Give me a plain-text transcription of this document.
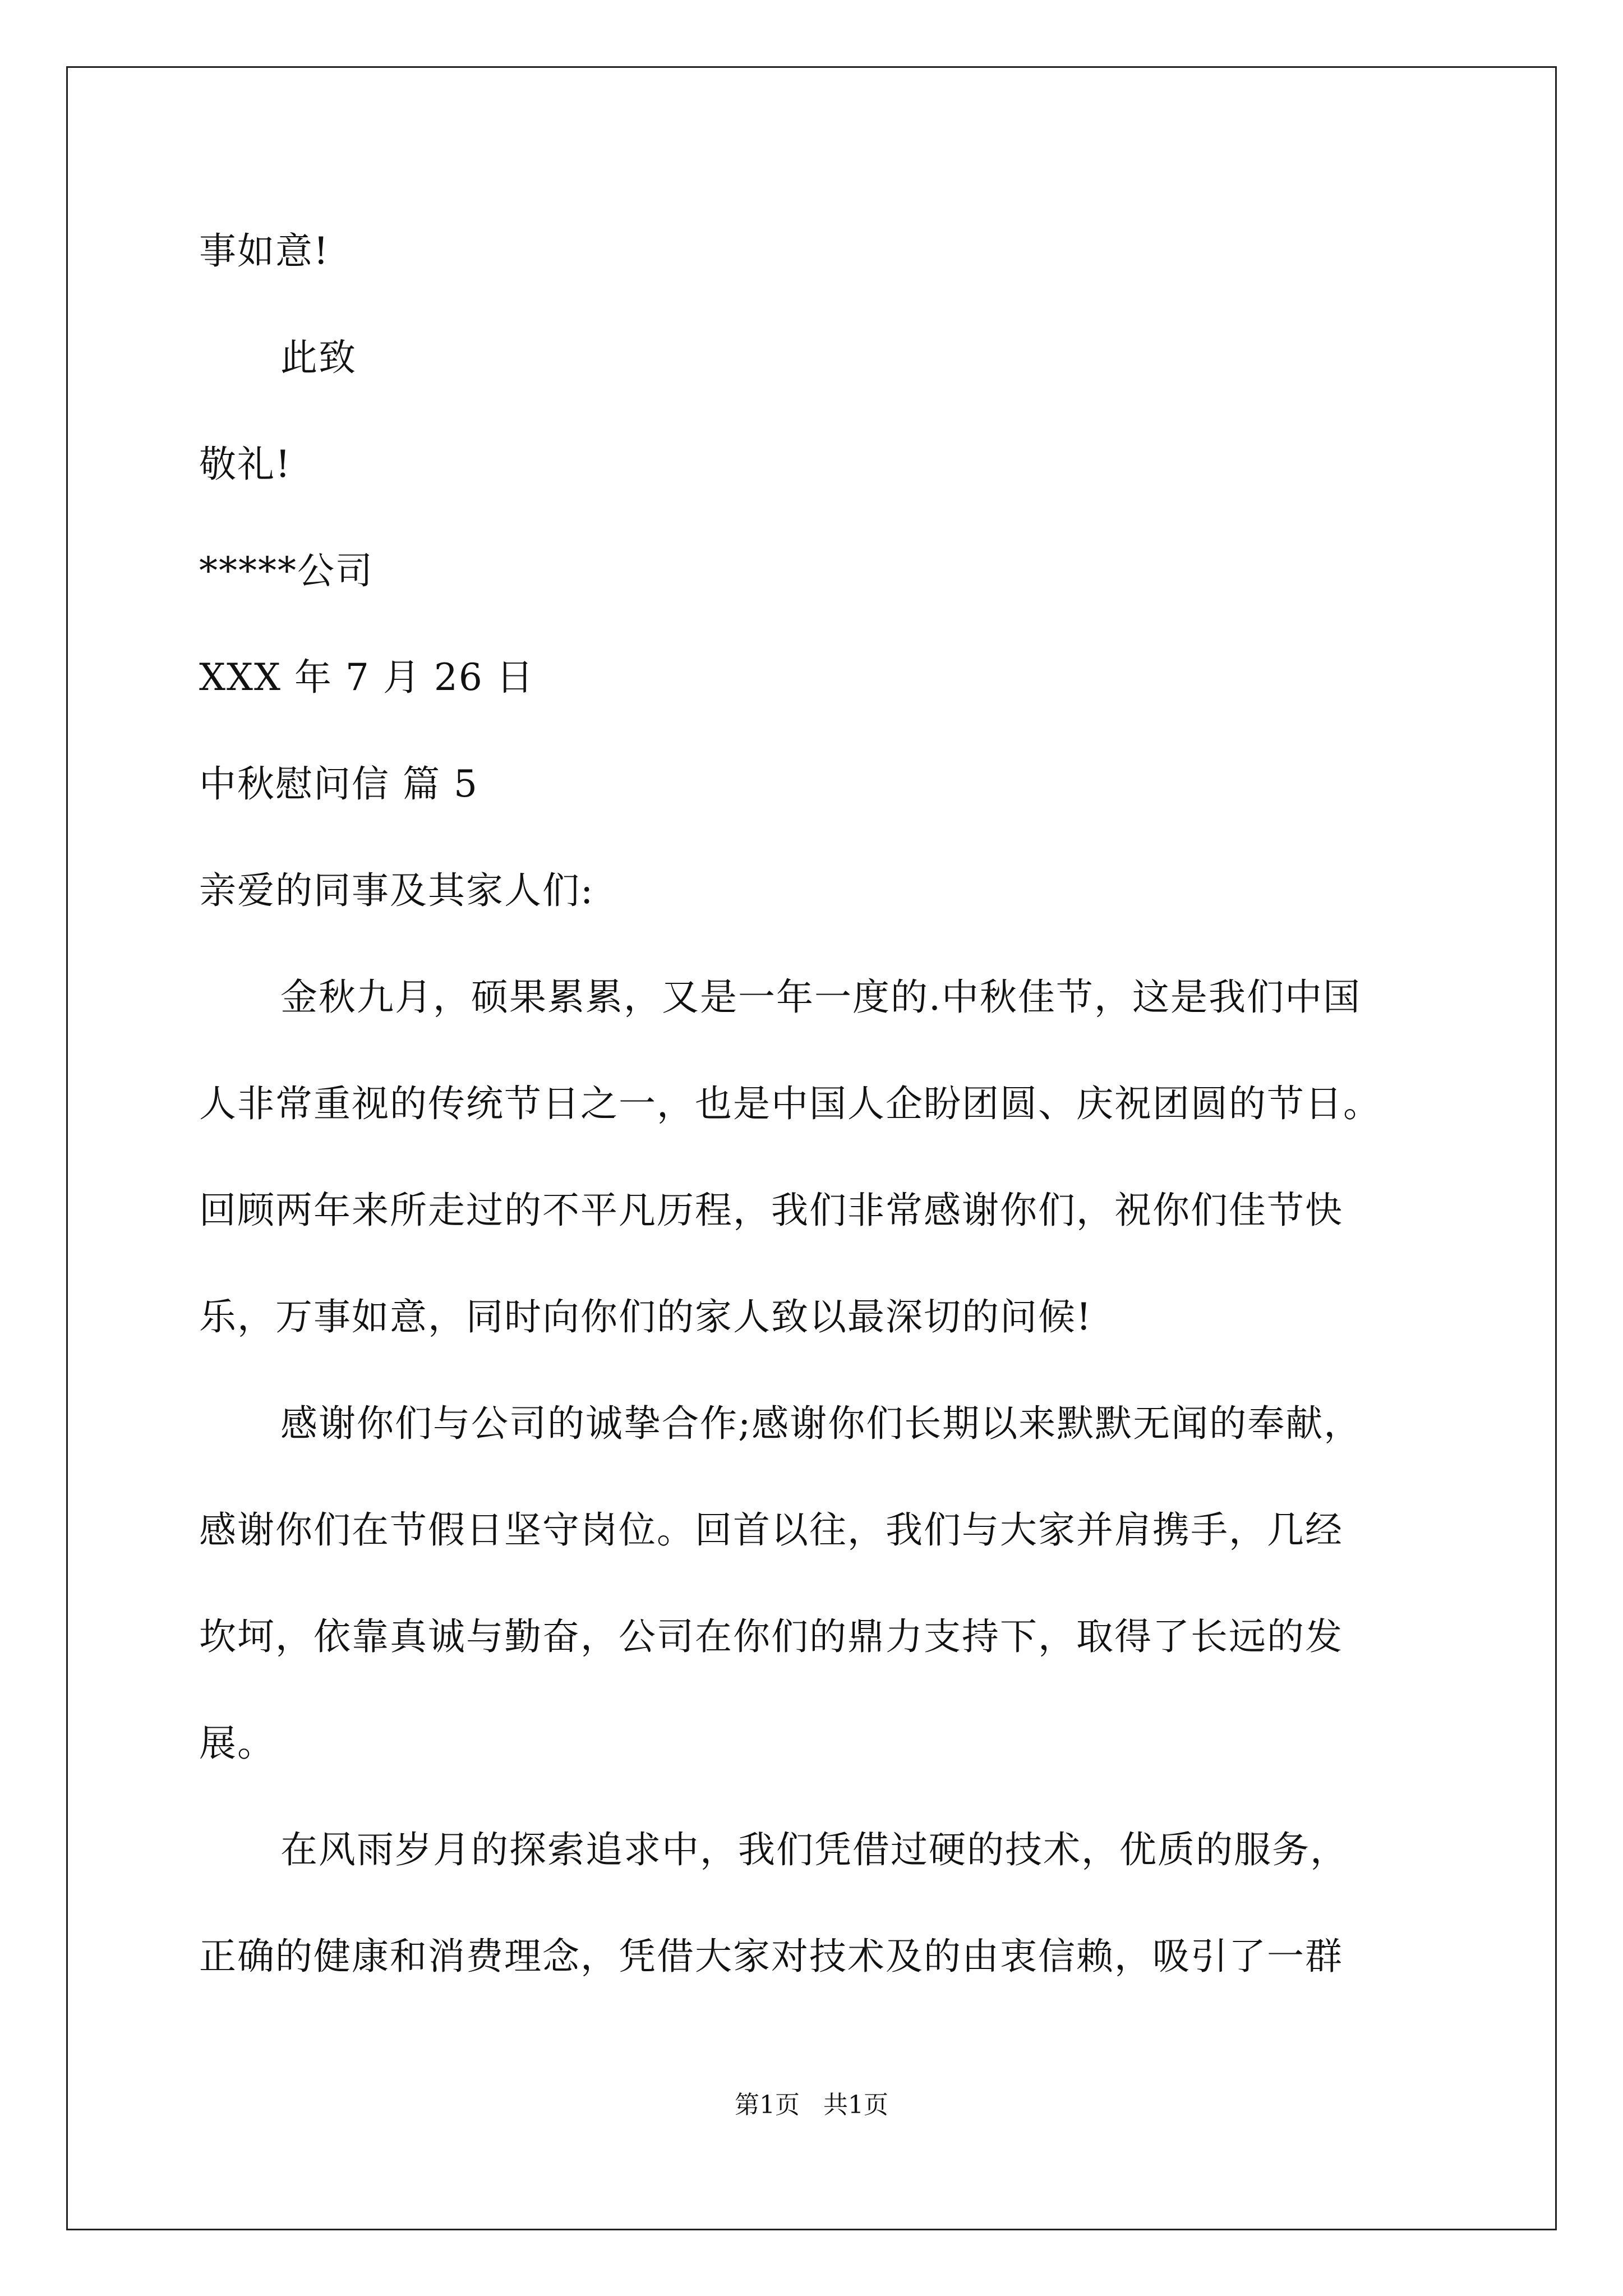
事如意!

此致

敬礼!

*****公司

XXX 年 7 月 26 日

中秋慰问信 篇 5

亲爱的同事及其家人们:

金秋九月，硕果累累，又是一年一度的.中秋佳节，这是我们中国

人非常重视的传统节日之一，也是中国人企盼团圆、庆祝团圆的节日。

回顾两年来所走过的不平凡历程，我们非常感谢你们，祝你们佳节快

乐，万事如意，同时向你们的家人致以最深切的问候!

感谢你们与公司的诚挚合作;感谢你们长期以来默默无闻的奉献，

感谢你们在节假日坚守岗位。回首以往，我们与大家并肩携手，几经

坎坷，依靠真诚与勤奋，公司在你们的鼎力支持下，取得了长远的发

展。

在风雨岁月的探索追求中，我们凭借过硬的技术，优质的服务，

正确的健康和消费理念，凭借大家对技术及的由衷信赖，吸引了一群

第1页   共1页
